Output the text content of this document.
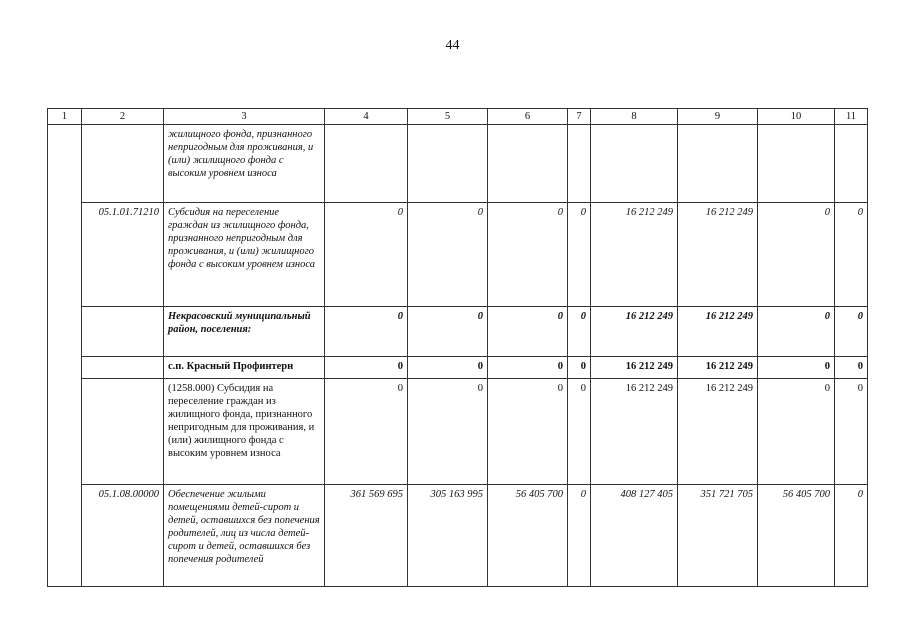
44
1	2	3	4	5	6	7	8	9	10	11
		жилищного фонда, признанного непригодным для проживания, и (или) жилищного фонда с высоким уровнем износа								
	05.1.01.71210	Субсидия на переселение граждан из жилищного фонда, признанного непригодным для проживания, и (или) жилищного фонда с высоким уровнем износа	0	0	0	0	16 212 249	16 212 249	0	0
		Некрасовский муниципальный район, поселения:	0	0	0	0	16 212 249	16 212 249	0	0
		с.п. Красный Профинтерн	0	0	0	0	16 212 249	16 212 249	0	0
		(1258.000) Субсидия на переселение граждан из жилищного фонда, признанного непригодным для проживания, и (или) жилищного фонда с высоким уровнем износа	0	0	0	0	16 212 249	16 212 249	0	0
	05.1.08.00000	Обеспечение жилыми помещениями детей-сирот и детей, оставшихся без попечения родителей, лиц из числа детей-сирот и детей, оставшихся без попечения родителей	361 569 695	305 163 995	56 405 700	0	408 127 405	351 721 705	56 405 700	0
